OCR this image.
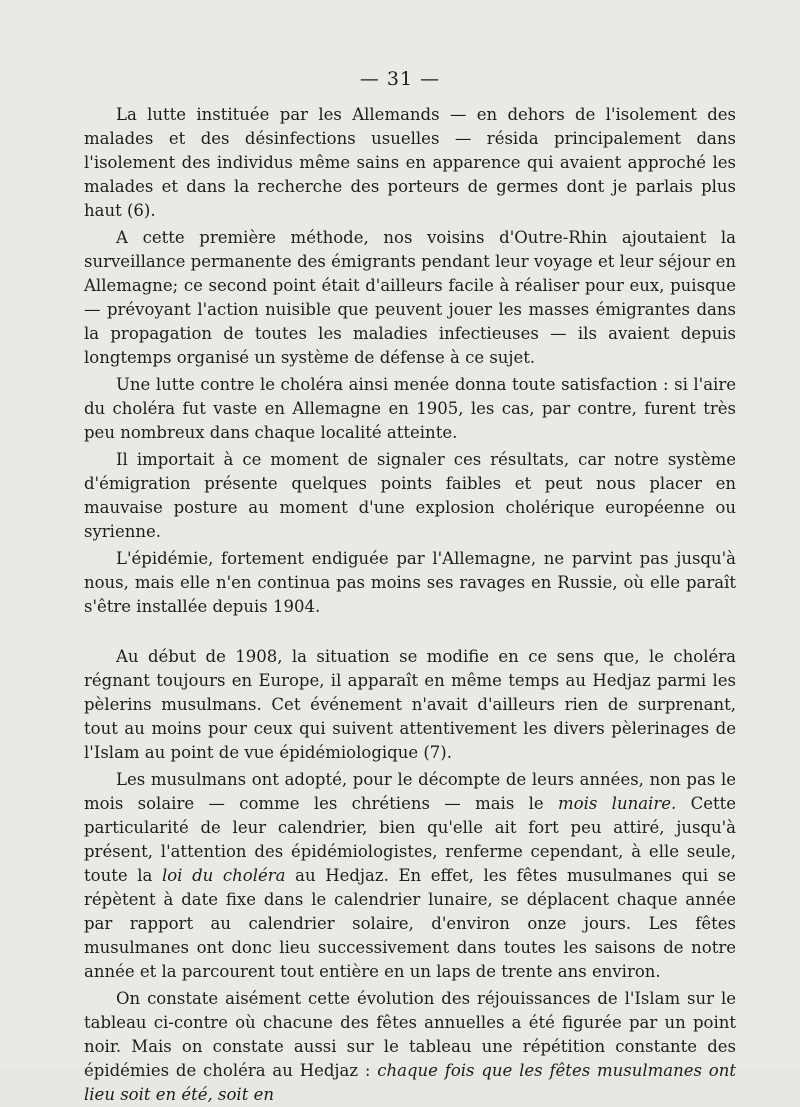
— 31 —

La lutte instituée par les Allemands — en dehors de l'isolement des malades et des désinfections usuelles — résida principalement dans l'isolement des individus même sains en apparence qui avaient approché les malades et dans la recherche des porteurs de germes dont je parlais plus haut (6).

A cette première méthode, nos voisins d'Outre-Rhin ajoutaient la surveillance permanente des émigrants pendant leur voyage et leur séjour en Allemagne; ce second point était d'ailleurs facile à réaliser pour eux, puisque — prévoyant l'action nuisible que peuvent jouer les masses émigrantes dans la propagation de toutes les maladies infectieuses — ils avaient depuis longtemps organisé un système de défense à ce sujet.

Une lutte contre le choléra ainsi menée donna toute satisfaction : si l'aire du choléra fut vaste en Allemagne en 1905, les cas, par contre, furent très peu nombreux dans chaque localité atteinte.

Il importait à ce moment de signaler ces résultats, car notre système d'émigration présente quelques points faibles et peut nous placer en mauvaise posture au moment d'une explosion cholérique européenne ou syrienne.

L'épidémie, fortement endiguée par l'Allemagne, ne parvint pas jusqu'à nous, mais elle n'en continua pas moins ses ravages en Russie, où elle paraît s'être installée depuis 1904.

Au début de 1908, la situation se modifie en ce sens que, le choléra régnant toujours en Europe, il apparaît en même temps au Hedjaz parmi les pèlerins musulmans. Cet événement n'avait d'ailleurs rien de surprenant, tout au moins pour ceux qui suivent attentivement les divers pèlerinages de l'Islam au point de vue épidémiologique (7).

Les musulmans ont adopté, pour le décompte de leurs années, non pas le mois solaire — comme les chrétiens — mais le mois lunaire. Cette particularité de leur calendrier, bien qu'elle ait fort peu attiré, jusqu'à présent, l'attention des épidémiologistes, renferme cependant, à elle seule, toute la loi du choléra au Hedjaz. En effet, les fêtes musulmanes qui se répètent à date fixe dans le calendrier lunaire, se déplacent chaque année par rapport au calendrier solaire, d'environ onze jours. Les fêtes musulmanes ont donc lieu successivement dans toutes les saisons de notre année et la parcourent tout entière en un laps de trente ans environ.

On constate aisément cette évolution des réjouissances de l'Islam sur le tableau ci-contre où chacune des fêtes annuelles a été figurée par un point noir. Mais on constate aussi sur le tableau une répétition constante des épidémies de choléra au Hedjaz : chaque fois que les fêtes musulmanes ont lieu soit en été, soit en
